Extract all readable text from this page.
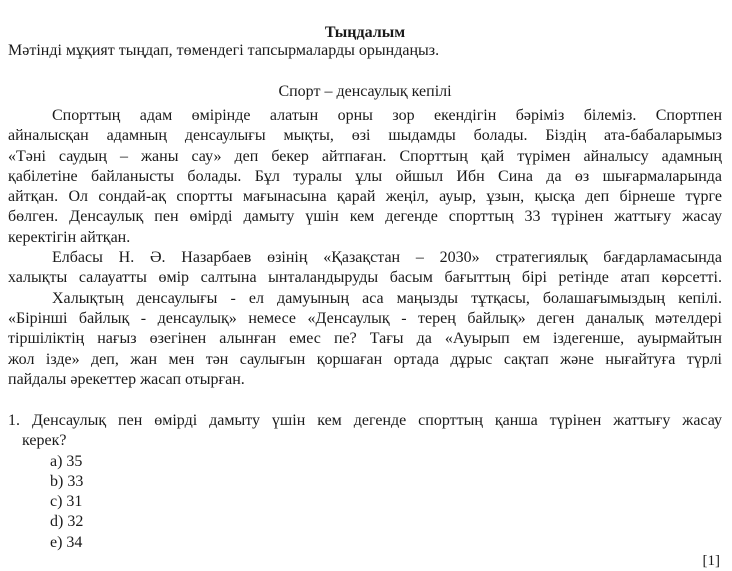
Тыңдалым
Мәтінді мұқият тыңдап, төмендегі тапсырмаларды орындаңыз.
Спорт – денсаулық кепілі
Спорттың адам өмірінде алатын орны зор екендігін бәріміз білеміз. Спортпен
айналысқан адамның денсаулығы мықты, өзі шыдамды болады. Біздің ата-бабаларымыз
«Тәні саудың – жаны сау» деп бекер айтпаған. Спорттың қай түрімен айналысу адамның
қабілетіне байланысты болады. Бұл туралы ұлы ойшыл Ибн Сина да өз шығармаларында
айтқан. Ол сондай-ақ спортты мағынасына қарай жеңіл, ауыр, ұзын, қысқа деп бірнеше түрге
бөлген. Денсаулық пен өмірді дамыту үшін кем дегенде спорттың 33 түрінен жаттығу жасау
керектігін айтқан.
Елбасы Н. Ә. Назарбаев өзінің «Қазақстан – 2030» стратегиялық бағдарламасында
халықты салауатты өмір салтына ынталандыруды басым бағыттың бірі ретінде атап көрсетті.
Халықтың денсаулығы - ел дамуының аса маңызды тұтқасы, болашағымыздың кепілі.
«Бірінші байлық - денсаулық» немесе «Денсаулық - терең байлық» деген даналық мәтелдері
тіршіліктің нағыз өзегінен алынған емес пе? Тағы да «Ауырып ем іздегенше, ауырмайтын
жол ізде» деп, жан мен тән саулығын қоршаған ортада дұрыс сақтап және нығайтуға түрлі
пайдалы әрекеттер жасап отырған.
1. Денсаулық пен өмірді дамыту үшін кем дегенде спорттың қанша түрінен жаттығу жасау
керек?
a) 35
b) 33
c) 31
d) 32
e) 34
[1]
